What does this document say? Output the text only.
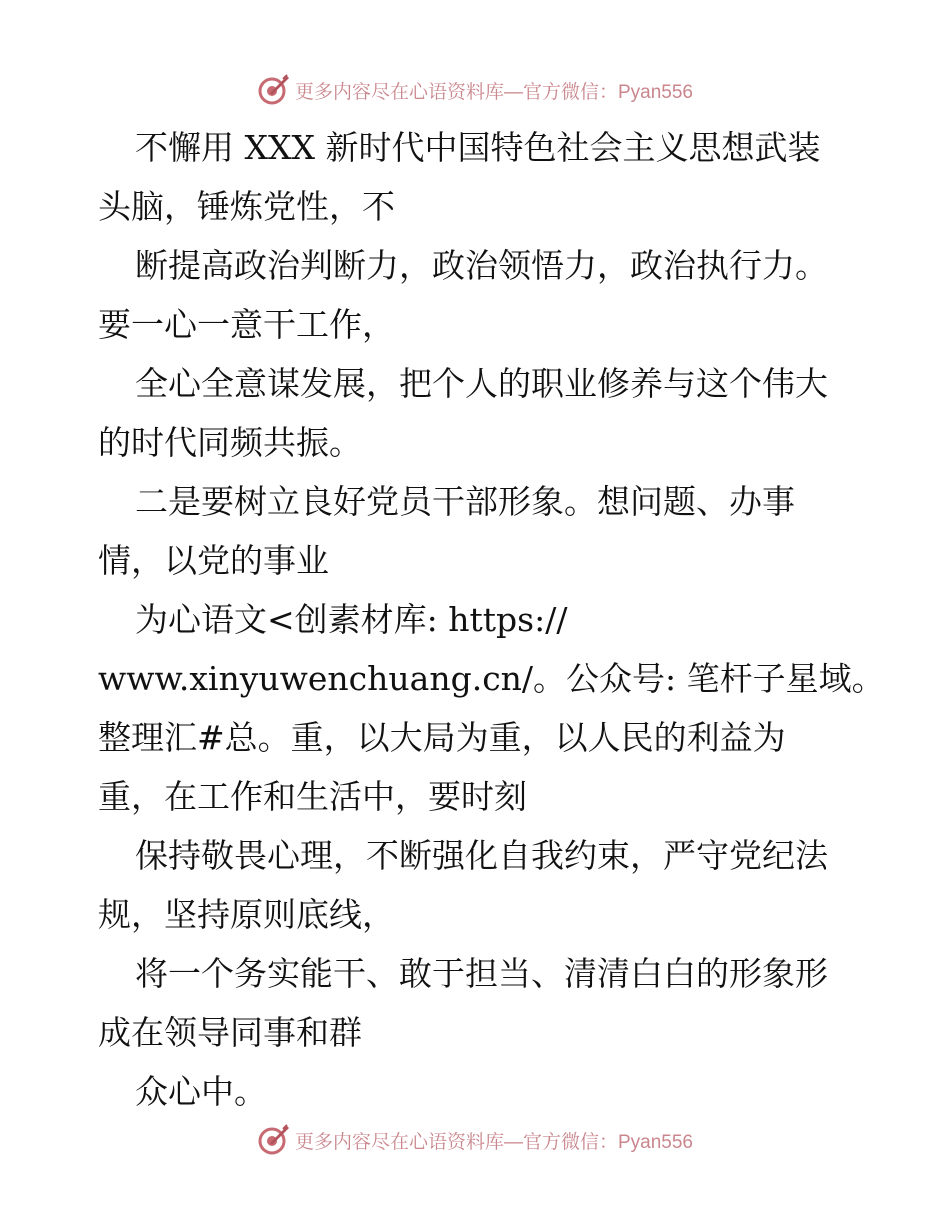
更多内容尽在心语资料库—官方微信：Pyan556

不懈用 XXX 新时代中国特色社会主义思想武装
头脑，锤炼党性，不

断提高政治判断力，政治领悟力，政治执行力。
要一心一意干工作，

全心全意谋发展，把个人的职业修养与这个伟大
的时代同频共振。

二是要树立良好党员干部形象。想问题、办事
情，以党的事业

为心语文<创素材库: https://
www.xinyuwenchuang.cn/。公众号: 笔杆子星域。
整理汇#总。重，以大局为重，以人民的利益为
重，在工作和生活中，要时刻

保持敬畏心理，不断强化自我约束，严守党纪法
规，坚持原则底线，

将一个务实能干、敢于担当、清清白白的形象形
成在领导同事和群

众心中。

更多内容尽在心语资料库—官方微信：Pyan556
